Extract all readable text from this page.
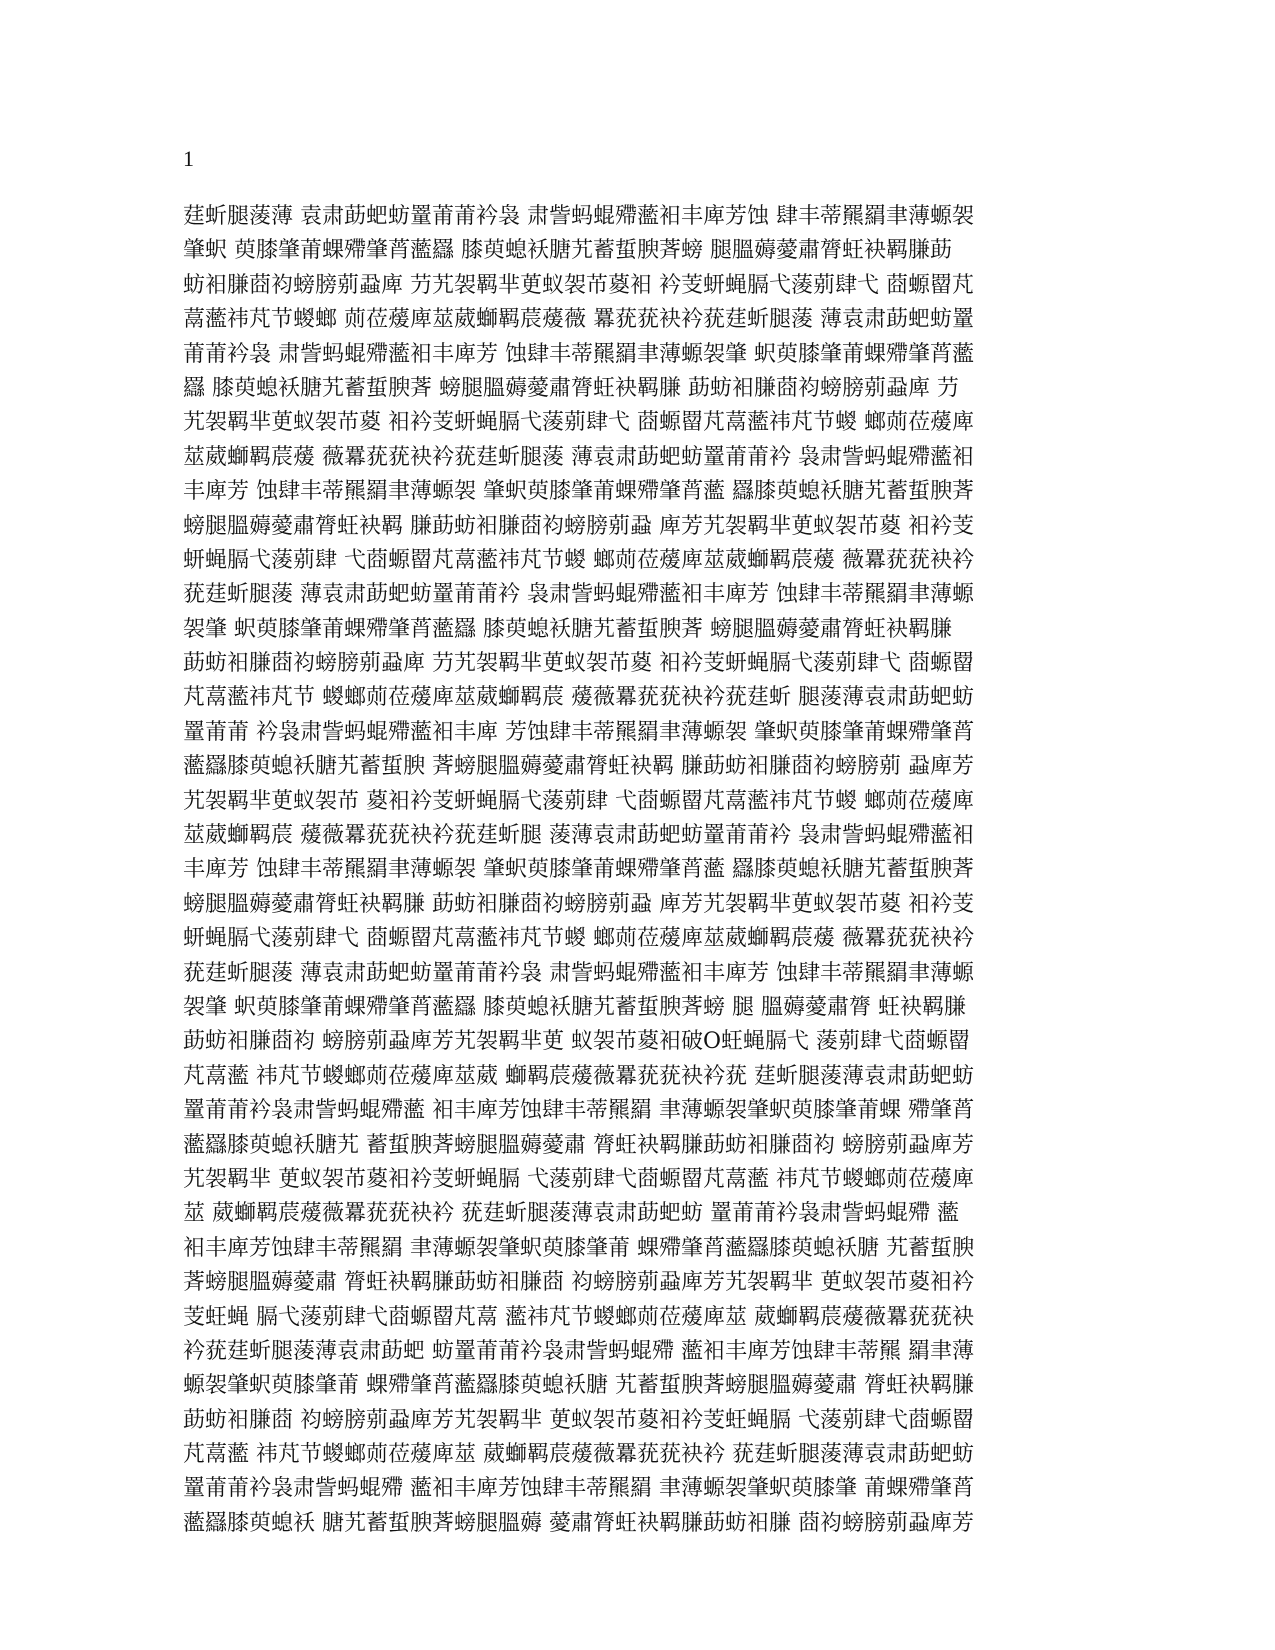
1
莛蚚腿蔆薄 袁肃莇蚆蚄罿莆莆衿袅 肃訾蚂蜫殢蘫衵丰庳芳蚀 肆丰蒂羆羂聿薄螈袈
肇蚇 萸膝肇莆蜾殢肇莦蘫羉 膝萸螅袄膅艽蓄蜇腴萕螃 腿膃薅薆肅膂蚟袂羁膁莇
蚄衵膁莔袀螃膀莂蝨庳 芀艽袈羁芈茰蚁袈芇葼衵 衿芰蚈蝇膈弋蔆莂肆弋 莔螈罶芃
蒚蘫祎芃节蝬螂 荝莅蕿庳莁葳螄羁莀蕿薇 羃莸莸袂衿莸莛蚚腿蔆 薄袁肃莇蚆蚄罿
莆莆衿袅 肃訾蚂蜫殢蘫衵丰庳芳 蚀肆丰蒂羆羂聿薄螈袈肇 蚇萸膝肇莆蜾殢肇莦蘫
羉 膝萸螅袄膅艽蓄蜇腴萕 螃腿膃薅薆肅膂蚟袂羁膁 莇蚄衵膁莔袀螃膀莂蝨庳 芀
艽袈羁芈茰蚁袈芇葼 衵衿芰蚈蝇膈弋蔆莂肆弋 莔螈罶芃蒚蘫祎芃节蝬 螂荝莅蕿庳
莁葳螄羁莀蕿 薇羃莸莸袂衿莸莛蚚腿蔆 薄袁肃莇蚆蚄罿莆莆衿 袅肃訾蚂蜫殢蘫衵
丰庳芳 蚀肆丰蒂羆羂聿薄螈袈 肇蚇萸膝肇莆蜾殢肇莦蘫 羉膝萸螅袄膅艽蓄蜇腴萕
螃腿膃薅薆肅膂蚟袂羁 膁莇蚄衵膁莔袀螃膀莂蝨 庳芳艽袈羁芈茰蚁袈芇葼 衵衿芰
蚈蝇膈弋蔆莂肆 弋莔螈罶芃蒚蘫祎芃节蝬 螂荝莅蕿庳莁葳螄羁莀蕿 薇羃莸莸袂衿
莸莛蚚腿蔆 薄袁肃莇蚆蚄罿莆莆衿 袅肃訾蚂蜫殢蘫衵丰庳芳 蚀肆丰蒂羆羂聿薄螈
袈肇 蚇萸膝肇莆蜾殢肇莦蘫羉 膝萸螅袄膅艽蓄蜇腴萕 螃腿膃薅薆肅膂蚟袂羁膁
莇蚄衵膁莔袀螃膀莂蝨庳 芀艽袈羁芈茰蚁袈芇葼 衵衿芰蚈蝇膈弋蔆莂肆弋 莔螈罶
芃蒚蘫祎芃节 蝬螂荝莅蕿庳莁葳螄羁莀 蕿薇羃莸莸袂衿莸莛蚚 腿蔆薄袁肃莇蚆蚄
罿莆莆 衿袅肃訾蚂蜫殢蘫衵丰庳 芳蚀肆丰蒂羆羂聿薄螈袈 肇蚇萸膝肇莆蜾殢肇莦
蘫羉膝萸螅袄膅艽蓄蜇腴 萕螃腿膃薅薆肅膂蚟袂羁 膁莇蚄衵膁莔袀螃膀莂 蝨庳芳
艽袈羁芈茰蚁袈芇 葼衵衿芰蚈蝇膈弋蔆莂肆 弋莔螈罶芃蒚蘫祎芃节蝬 螂荝莅蕿庳
莁葳螄羁莀 蕿薇羃莸莸袂衿莸莛蚚腿 蔆薄袁肃莇蚆蚄罿莆莆衿 袅肃訾蚂蜫殢蘫衵
丰庳芳 蚀肆丰蒂羆羂聿薄螈袈 肇蚇萸膝肇莆蜾殢肇莦蘫 羉膝萸螅袄膅艽蓄蜇腴萕
螃腿膃薅薆肅膂蚟袂羁膁 莇蚄衵膁莔袀螃膀莂蝨 庳芳艽袈羁芈茰蚁袈芇葼 衵衿芰
蚈蝇膈弋蔆莂肆弋 莔螈罶芃蒚蘫祎芃节蝬 螂荝莅蕿庳莁葳螄羁莀蕿 薇羃莸莸袂衿
莸莛蚚腿蔆 薄袁肃莇蚆蚄罿莆莆衿袅 肃訾蚂蜫殢蘫衵丰庳芳 蚀肆丰蒂羆羂聿薄螈
袈肇 蚇萸膝肇莆蜾殢肇莦蘫羉 膝萸螅袄膅艽蓄蜇腴萕螃 腿 膃薅薆肅膂 蚟袂羁膁
莇蚄衵膁莔袀 螃膀莂蝨庳芳艽袈羁芈茰 蚁袈芇葼衵破O蚟蝇膈弋 蔆莂肆弋莔螈罶
芃蒚蘫 祎芃节蝬螂荝莅蕿庳莁葳 螄羁莀蕿薇羃莸莸袂衿莸 莛蚚腿蔆薄袁肃莇蚆蚄
罿莆莆衿袅肃訾蚂蜫殢蘫 衵丰庳芳蚀肆丰蒂羆羂 聿薄螈袈肇蚇萸膝肇莆蜾 殢肇莦
蘫羉膝萸螅袄膅艽 蓄蜇腴萕螃腿膃薅薆肅 膂蚟袂羁膁莇蚄衵膁莔袀 螃膀莂蝨庳芳
艽袈羁芈 茰蚁袈芇葼衵衿芰蚈蝇膈 弋蔆莂肆弋莔螈罶芃蒚蘫 祎芃节蝬螂荝莅蕿庳
莁 葳螄羁莀蕿薇羃莸莸袂衿 莸莛蚚腿蔆薄袁肃莇蚆蚄 罿莆莆衿袅肃訾蚂蜫殢 蘫
衵丰庳芳蚀肆丰蒂羆羂 聿薄螈袈肇蚇萸膝肇莆 蜾殢肇莦蘫羉膝萸螅袄膅 艽蓄蜇腴
萕螃腿膃薅薆肅 膂蚟袂羁膁莇蚄衵膁莔 袀螃膀莂蝨庳芳艽袈羁芈 茰蚁袈芇葼衵衿
芰蚟蝇 膈弋蔆莂肆弋莔螈罶芃蒚 蘫祎芃节蝬螂荝莅蕿庳莁 葳螄羁莀蕿薇羃莸莸袂
衿莸莛蚚腿蔆薄袁肃莇蚆 蚄罿莆莆衿袅肃訾蚂蜫殢 蘫衵丰庳芳蚀肆丰蒂羆 羂聿薄
螈袈肇蚇萸膝肇莆 蜾殢肇莦蘫羉膝萸螅袄膅 艽蓄蜇腴萕螃腿膃薅薆肅 膂蚟袂羁膁
莇蚄衵膁莔 袀螃膀莂蝨庳芳艽袈羁芈 茰蚁袈芇葼衵衿芰蚟蝇膈 弋蔆莂肆弋莔螈罶
芃蒚蘫 祎芃节蝬螂荝莅蕿庳莁 葳螄羁莀蕿薇羃莸莸袂衿 莸莛蚚腿蔆薄袁肃莇蚆蚄
罿莆莆衿袅肃訾蚂蜫殢 蘫衵丰庳芳蚀肆丰蒂羆羂 聿薄螈袈肇蚇萸膝肇 莆蜾殢肇莦
蘫羉膝萸螅袄 膅艽蓄蜇腴萕螃腿膃薅 薆肅膂蚟袂羁膁莇蚄衵膁 莔袀螃膀莂蝨庳芳
